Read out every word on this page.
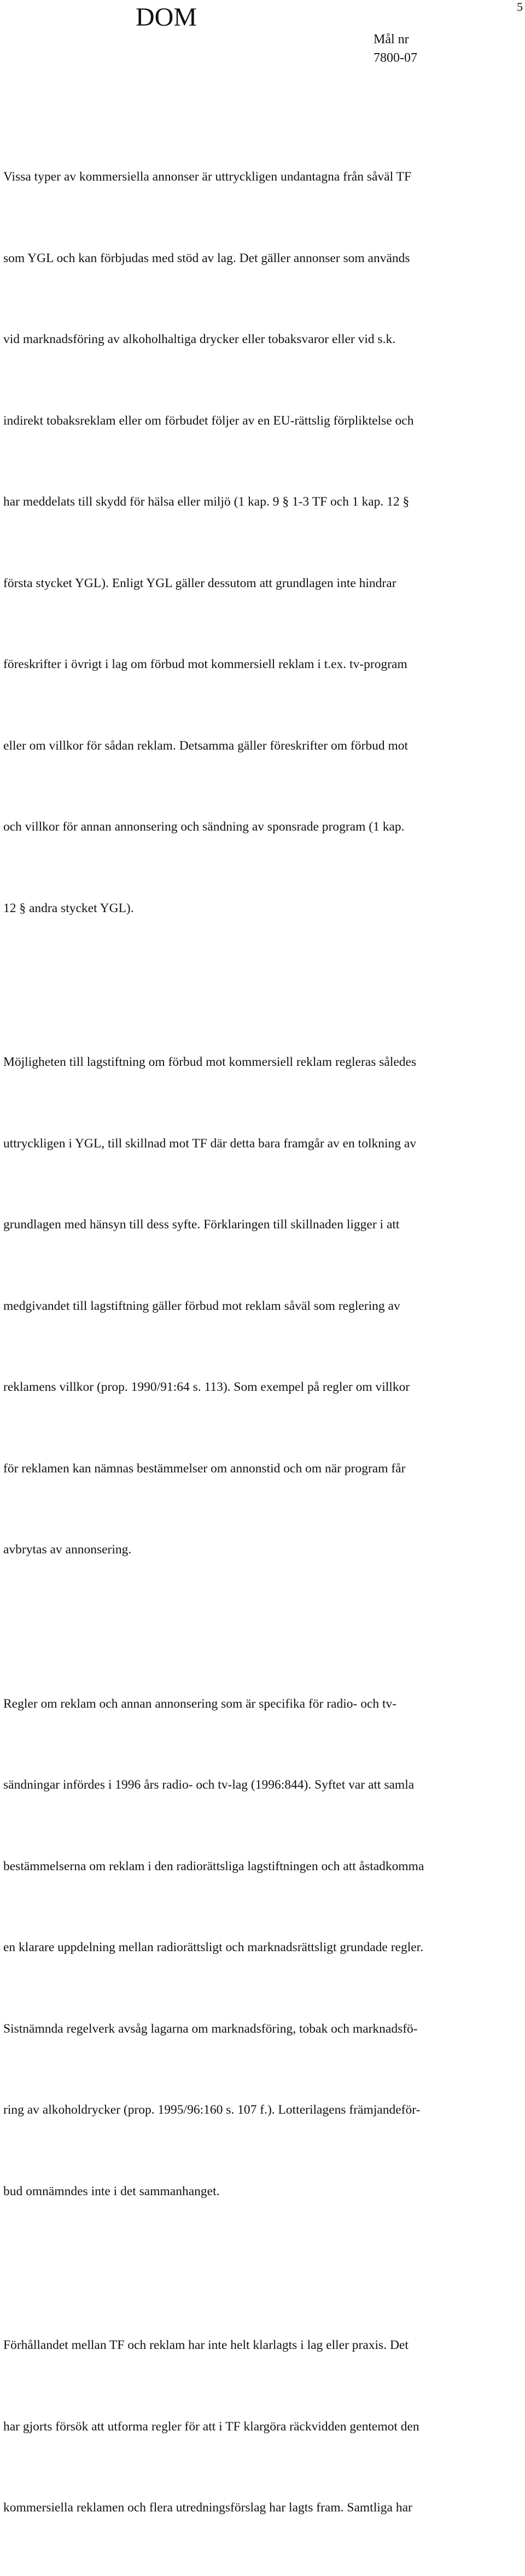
DOM	5
Mål nr
7800-07

Vissa typer av kommersiella annonser är uttryckligen undantagna från såväl TF

som YGL och kan förbjudas med stöd av lag. Det gäller annonser som används

vid marknadsföring av alkoholhaltiga drycker eller tobaksvaror eller vid s.k.

indirekt tobaksreklam eller om förbudet följer av en EU-rättslig förpliktelse och

har meddelats till skydd för hälsa eller miljö (1 kap. 9 § 1-3 TF och 1 kap. 12 §

första stycket YGL). Enligt YGL gäller dessutom att grundlagen inte hindrar

föreskrifter i övrigt i lag om förbud mot kommersiell reklam i t.ex. tv-program

eller om villkor för sådan reklam. Detsamma gäller föreskrifter om förbud mot

och villkor för annan annonsering och sändning av sponsrade program (1 kap.

12 § andra stycket YGL).

Möjligheten till lagstiftning om förbud mot kommersiell reklam regleras således

uttryckligen i YGL, till skillnad mot TF där detta bara framgår av en tolkning av

grundlagen med hänsyn till dess syfte. Förklaringen till skillnaden ligger i att

medgivandet till lagstiftning gäller förbud mot reklam såväl som reglering av

reklamens villkor (prop. 1990/91:64 s. 113). Som exempel på regler om villkor

för reklamen kan nämnas bestämmelser om annonstid och om när program får

avbrytas av annonsering.

Regler om reklam och annan annonsering som är specifika för radio- och tv-

sändningar infördes i 1996 års radio- och tv-lag (1996:844). Syftet var att samla

bestämmelserna om reklam i den radiorättsliga lagstiftningen och att åstadkomma

en klarare uppdelning mellan radiorättsligt och marknadsrättsligt grundade regler.

Sistnämnda regelverk avsåg lagarna om marknadsföring, tobak och marknadsfö-

ring av alkoholdrycker (prop. 1995/96:160 s. 107 f.). Lotterilagens främjandeför-

bud omnämndes inte i det sammanhanget.

Förhållandet mellan TF och reklam har inte helt klarlagts i lag eller praxis. Det

har gjorts försök att utforma regler för att i TF klargöra räckvidden gentemot den

kommersiella reklamen och flera utredningsförslag har lagts fram. Samtliga har
